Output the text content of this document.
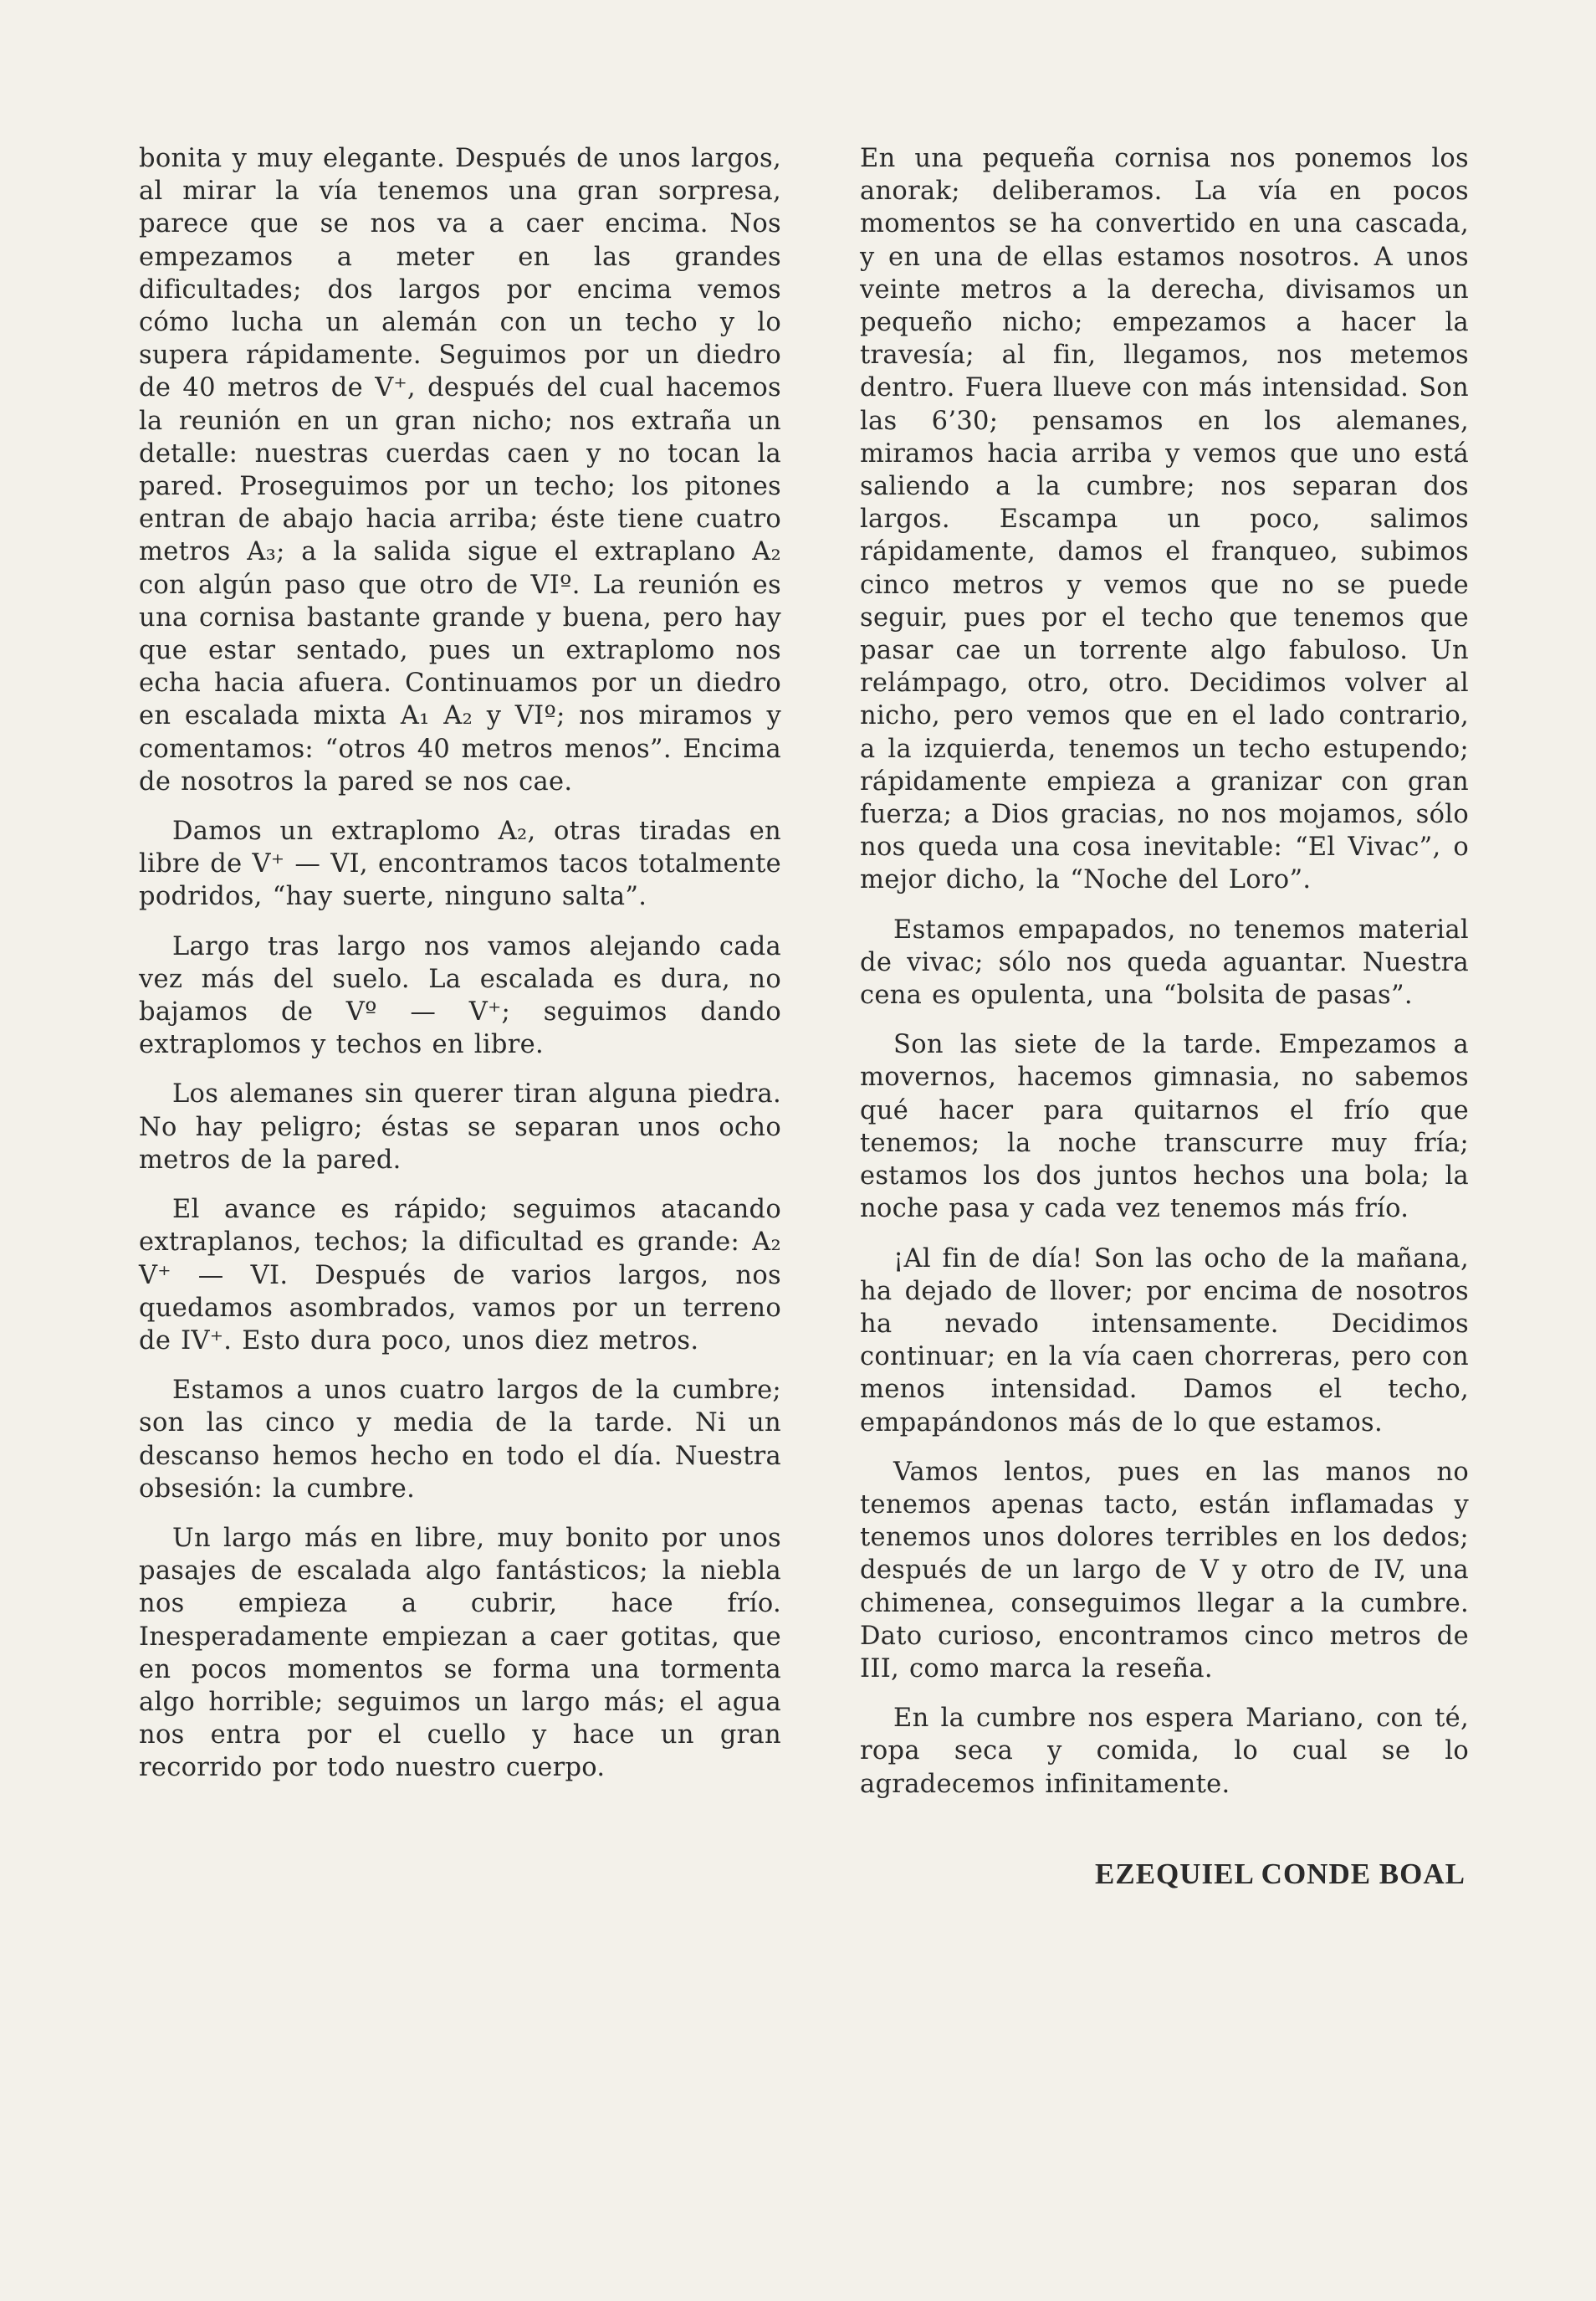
bonita y muy elegante. Después de unos largos, al mirar la vía tenemos una gran sorpresa, parece que se nos va a caer encima. Nos empezamos a meter en las grandes dificultades; dos largos por encima vemos cómo lucha un alemán con un techo y lo supera rápidamente. Seguimos por un diedro de 40 metros de V⁺, después del cual hacemos la reunión en un gran nicho; nos extraña un detalle: nuestras cuerdas caen y no tocan la pared. Proseguimos por un techo; los pitones entran de abajo hacia arriba; éste tiene cuatro metros A₃; a la salida sigue el extraplano A₂ con algún paso que otro de VIº. La reunión es una cornisa bastante grande y buena, pero hay que estar sentado, pues un extraplomo nos echa hacia afuera. Continuamos por un diedro en escalada mixta A₁ A₂ y VIº; nos miramos y comentamos: “otros 40 metros menos”. Encima de nosotros la pared se nos cae.

Damos un extraplomo A₂, otras tiradas en libre de V⁺ — VI, encontramos tacos totalmente podridos, “hay suerte, ninguno salta”.

Largo tras largo nos vamos alejando cada vez más del suelo. La escalada es dura, no bajamos de Vº — V⁺; seguimos dando extraplomos y techos en libre.

Los alemanes sin querer tiran alguna piedra. No hay peligro; éstas se separan unos ocho metros de la pared.

El avance es rápido; seguimos atacando extraplanos, techos; la dificultad es grande: A₂ V⁺ — VI. Después de varios largos, nos quedamos asombrados, vamos por un terreno de IV⁺. Esto dura poco, unos diez metros.

Estamos a unos cuatro largos de la cumbre; son las cinco y media de la tarde. Ni un descanso hemos hecho en todo el día. Nuestra obsesión: la cumbre.

Un largo más en libre, muy bonito por unos pasajes de escalada algo fantásticos; la niebla nos empieza a cubrir, hace frío. Inesperadamente empiezan a caer gotitas, que en pocos momentos se forma una tormenta algo horrible; seguimos un largo más; el agua nos entra por el cuello y hace un gran recorrido por todo nuestro cuerpo.

En una pequeña cornisa nos ponemos los anorak; deliberamos. La vía en pocos momentos se ha convertido en una cascada, y en una de ellas estamos nosotros. A unos veinte metros a la derecha, divisamos un pequeño nicho; empezamos a hacer la travesía; al fin, llegamos, nos metemos dentro. Fuera llueve con más intensidad. Son las 6’30; pensamos en los alemanes, miramos hacia arriba y vemos que uno está saliendo a la cumbre; nos separan dos largos. Escampa un poco, salimos rápidamente, damos el franqueo, subimos cinco metros y vemos que no se puede seguir, pues por el techo que tenemos que pasar cae un torrente algo fabuloso. Un relámpago, otro, otro. Decidimos volver al nicho, pero vemos que en el lado contrario, a la izquierda, tenemos un techo estupendo; rápidamente empieza a granizar con gran fuerza; a Dios gracias, no nos mojamos, sólo nos queda una cosa inevitable: “El Vivac”, o mejor dicho, la “Noche del Loro”.

Estamos empapados, no tenemos material de vivac; sólo nos queda aguantar. Nuestra cena es opulenta, una “bolsita de pasas”.

Son las siete de la tarde. Empezamos a movernos, hacemos gimnasia, no sabemos qué hacer para quitarnos el frío que tenemos; la noche transcurre muy fría; estamos los dos juntos hechos una bola; la noche pasa y cada vez tenemos más frío.

¡Al fin de día! Son las ocho de la mañana, ha dejado de llover; por encima de nosotros ha nevado intensamente. Decidimos continuar; en la vía caen chorreras, pero con menos intensidad. Damos el techo, empapándonos más de lo que estamos.

Vamos lentos, pues en las manos no tenemos apenas tacto, están inflamadas y tenemos unos dolores terribles en los dedos; después de un largo de V y otro de IV, una chimenea, conseguimos llegar a la cumbre. Dato curioso, encontramos cinco metros de III, como marca la reseña.

En la cumbre nos espera Mariano, con té, ropa seca y comida, lo cual se lo agradecemos infinitamente.

EZEQUIEL CONDE BOAL
